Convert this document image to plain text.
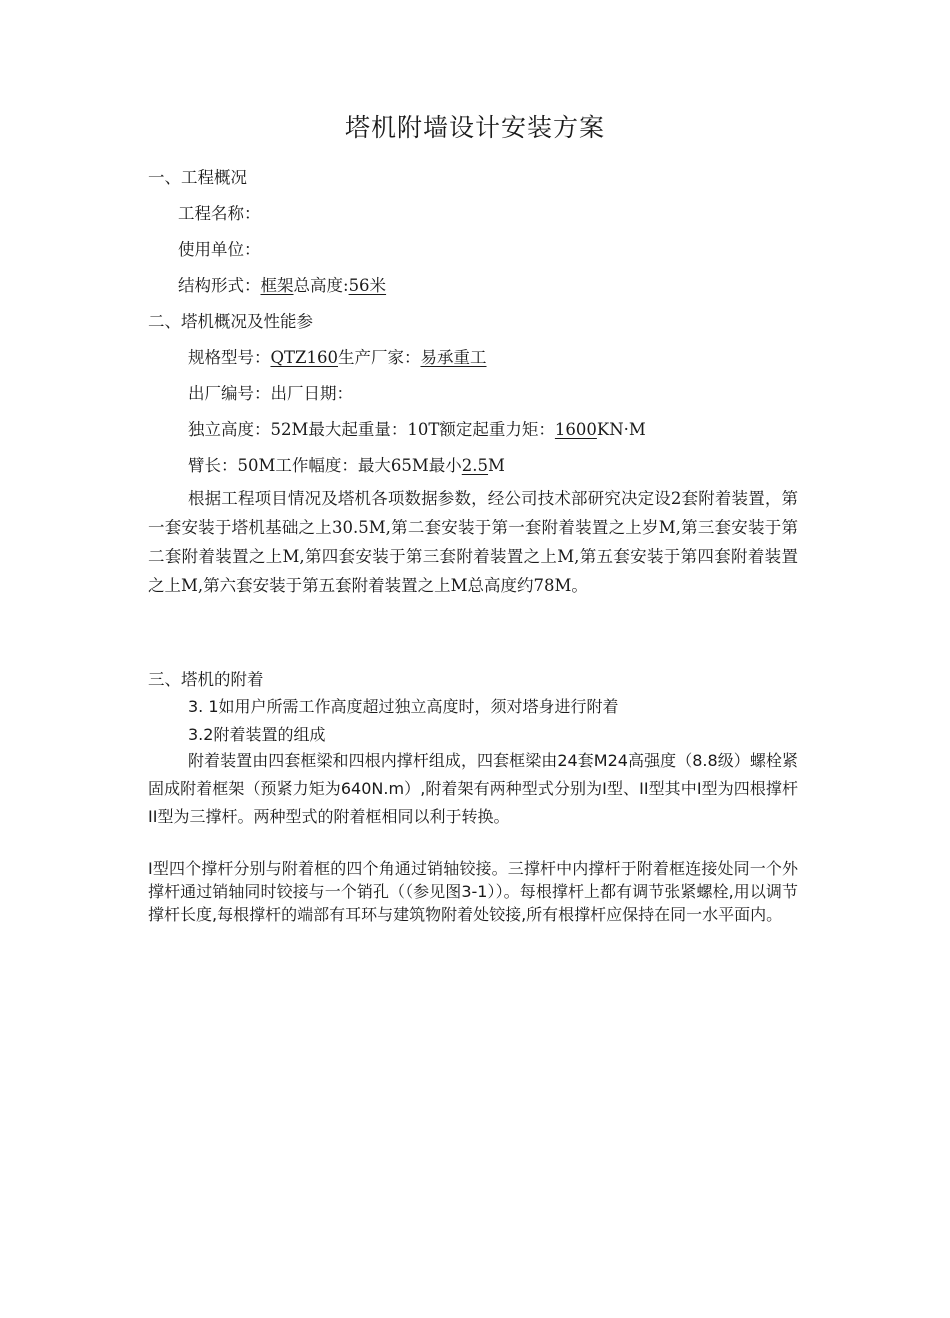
塔机附墙设计安装方案
一、工程概况
工程名称：
使用单位：
结构形式：框架总高度:56米
二、塔机概况及性能参
规格型号：QTZ160生产厂家：易承重工
出厂编号：出厂日期：
独立高度：52M最大起重量：10T额定起重力矩：1600KN·M
臂长：50M工作幅度：最大65M最小2.5M
根据工程项目情况及塔机各项数据参数，经公司技术部研究决定设2套附着装置，第一套安装于塔机基础之上30.5M,第二套安装于第一套附着装置之上岁M,第三套安装于第二套附着装置之上M,第四套安装于第三套附着装置之上M,第五套安装于第四套附着装置之上M,第六套安装于第五套附着装置之上M总高度约78M。
三、塔机的附着
3. 1如用户所需工作高度超过独立高度时，须对塔身进行附着
3.2附着装置的组成
附着装置由四套框梁和四根内撑杆组成，四套框梁由24套M24高强度（8.8级）螺栓紧固成附着框架（预紧力矩为640N.m）,附着架有两种型式分别为Ⅰ型、II型其中I型为四根撑杆II型为三撑杆。两种型式的附着框相同以利于转换。
Ⅰ型四个撑杆分别与附着框的四个角通过销轴铰接。三撑杆中内撑杆于附着框连接处同一个外撑杆通过销轴同时铰接与一个销孔（（参见图3-1））。每根撑杆上都有调节张紧螺栓,用以调节撑杆长度,每根撑杆的端部有耳环与建筑物附着处铰接,所有根撑杆应保持在同一水平面内。
